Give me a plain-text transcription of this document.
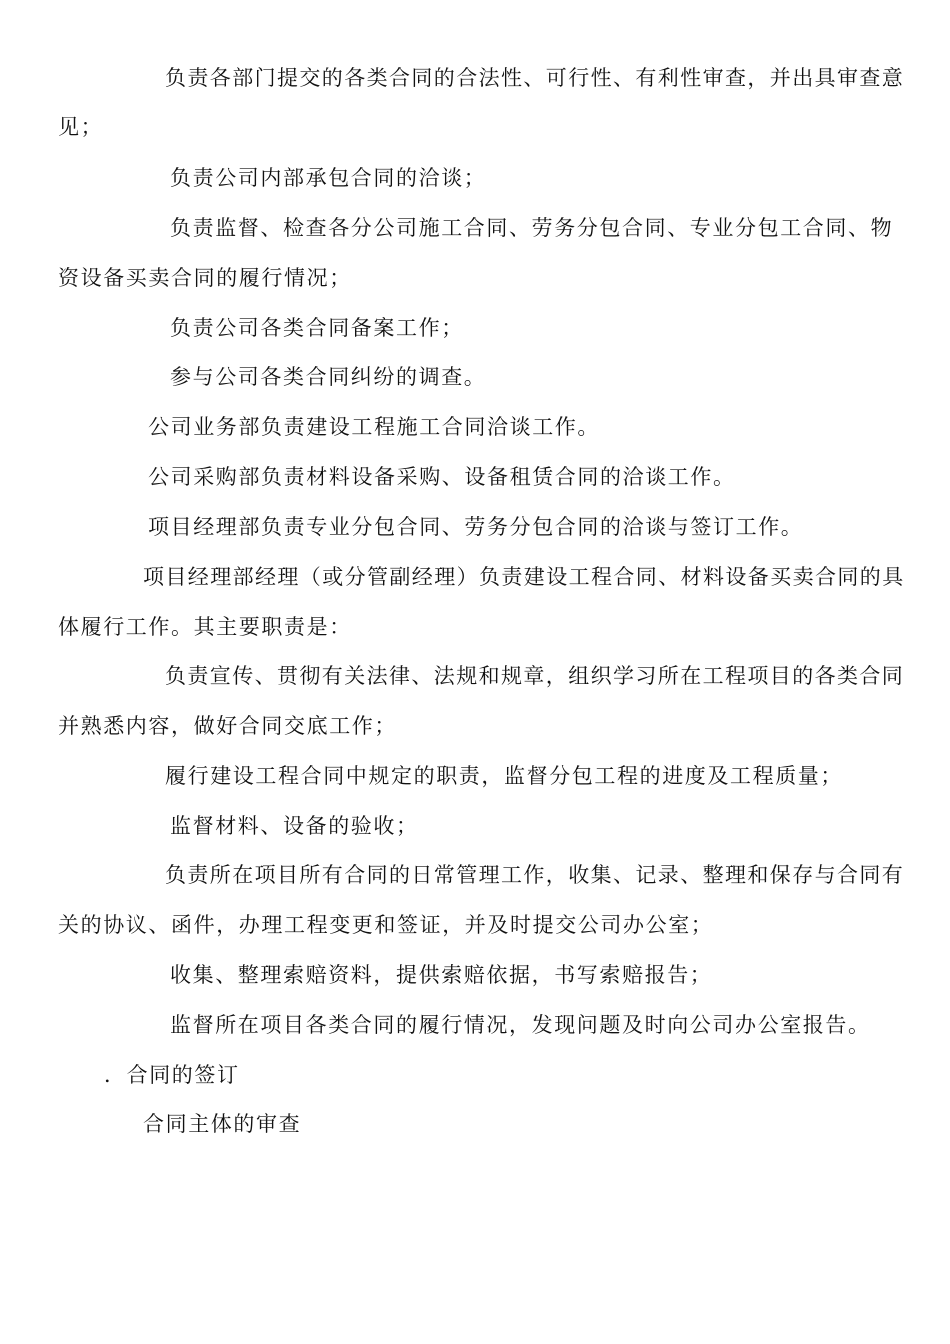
负责各部门提交的各类合同的合法性、可行性、有利性审查，并出具审查意
见；
负责公司内部承包合同的洽谈；
负责监督、检查各分公司施工合同、劳务分包合同、专业分包工合同、物
资设备买卖合同的履行情况；
负责公司各类合同备案工作；
参与公司各类合同纠纷的调查。
公司业务部负责建设工程施工合同洽谈工作。
公司采购部负责材料设备采购、设备租赁合同的洽谈工作。
项目经理部负责专业分包合同、劳务分包合同的洽谈与签订工作。
项目经理部经理（或分管副经理）负责建设工程合同、材料设备买卖合同的具
体履行工作。其主要职责是：
负责宣传、贯彻有关法律、法规和规章，组织学习所在工程项目的各类合同
并熟悉内容，做好合同交底工作；
履行建设工程合同中规定的职责，监督分包工程的进度及工程质量；
监督材料、设备的验收；
负责所在项目所有合同的日常管理工作，收集、记录、整理和保存与合同有
关的协议、函件，办理工程变更和签证，并及时提交公司办公室；
收集、整理索赔资料，提供索赔依据，书写索赔报告；
监督所在项目各类合同的履行情况，发现问题及时向公司办公室报告。
．合同的签订
合同主体的审查
